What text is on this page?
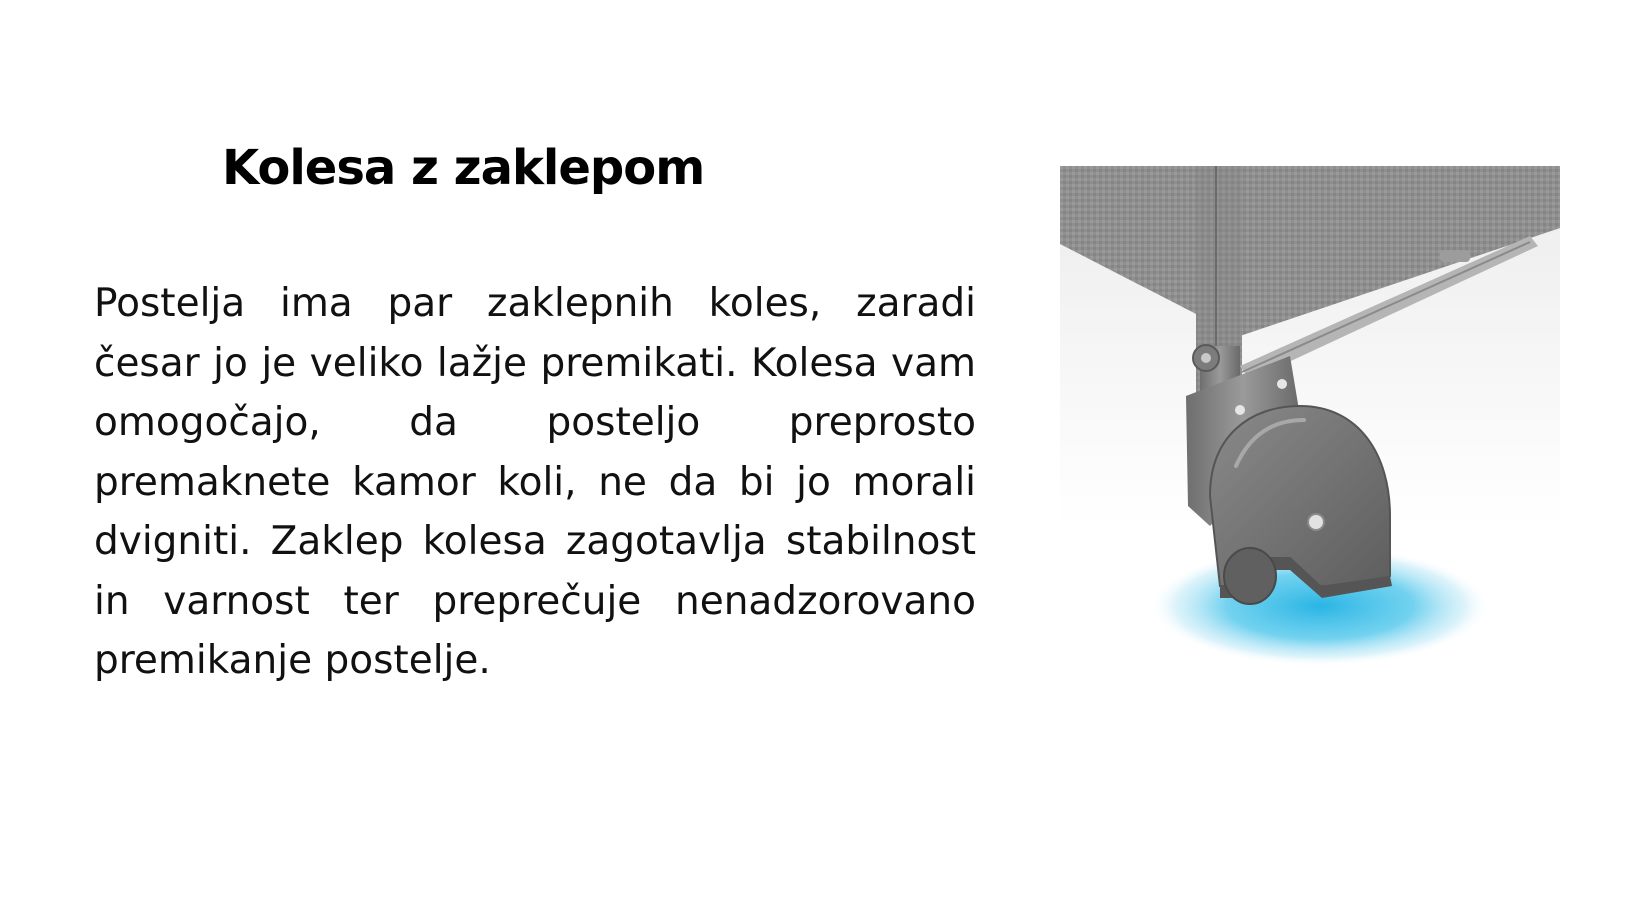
Kolesa z zaklepom

Postelja ima par zaklepnih koles, zaradi česar jo je veliko lažje premikati. Kolesa vam omogočajo, da posteljo preprosto premaknete kamor koli, ne da bi jo morali dvigniti. Zaklep kolesa zagotavlja stabilnost in varnost ter preprečuje nenadzorovano premikanje postelje.
